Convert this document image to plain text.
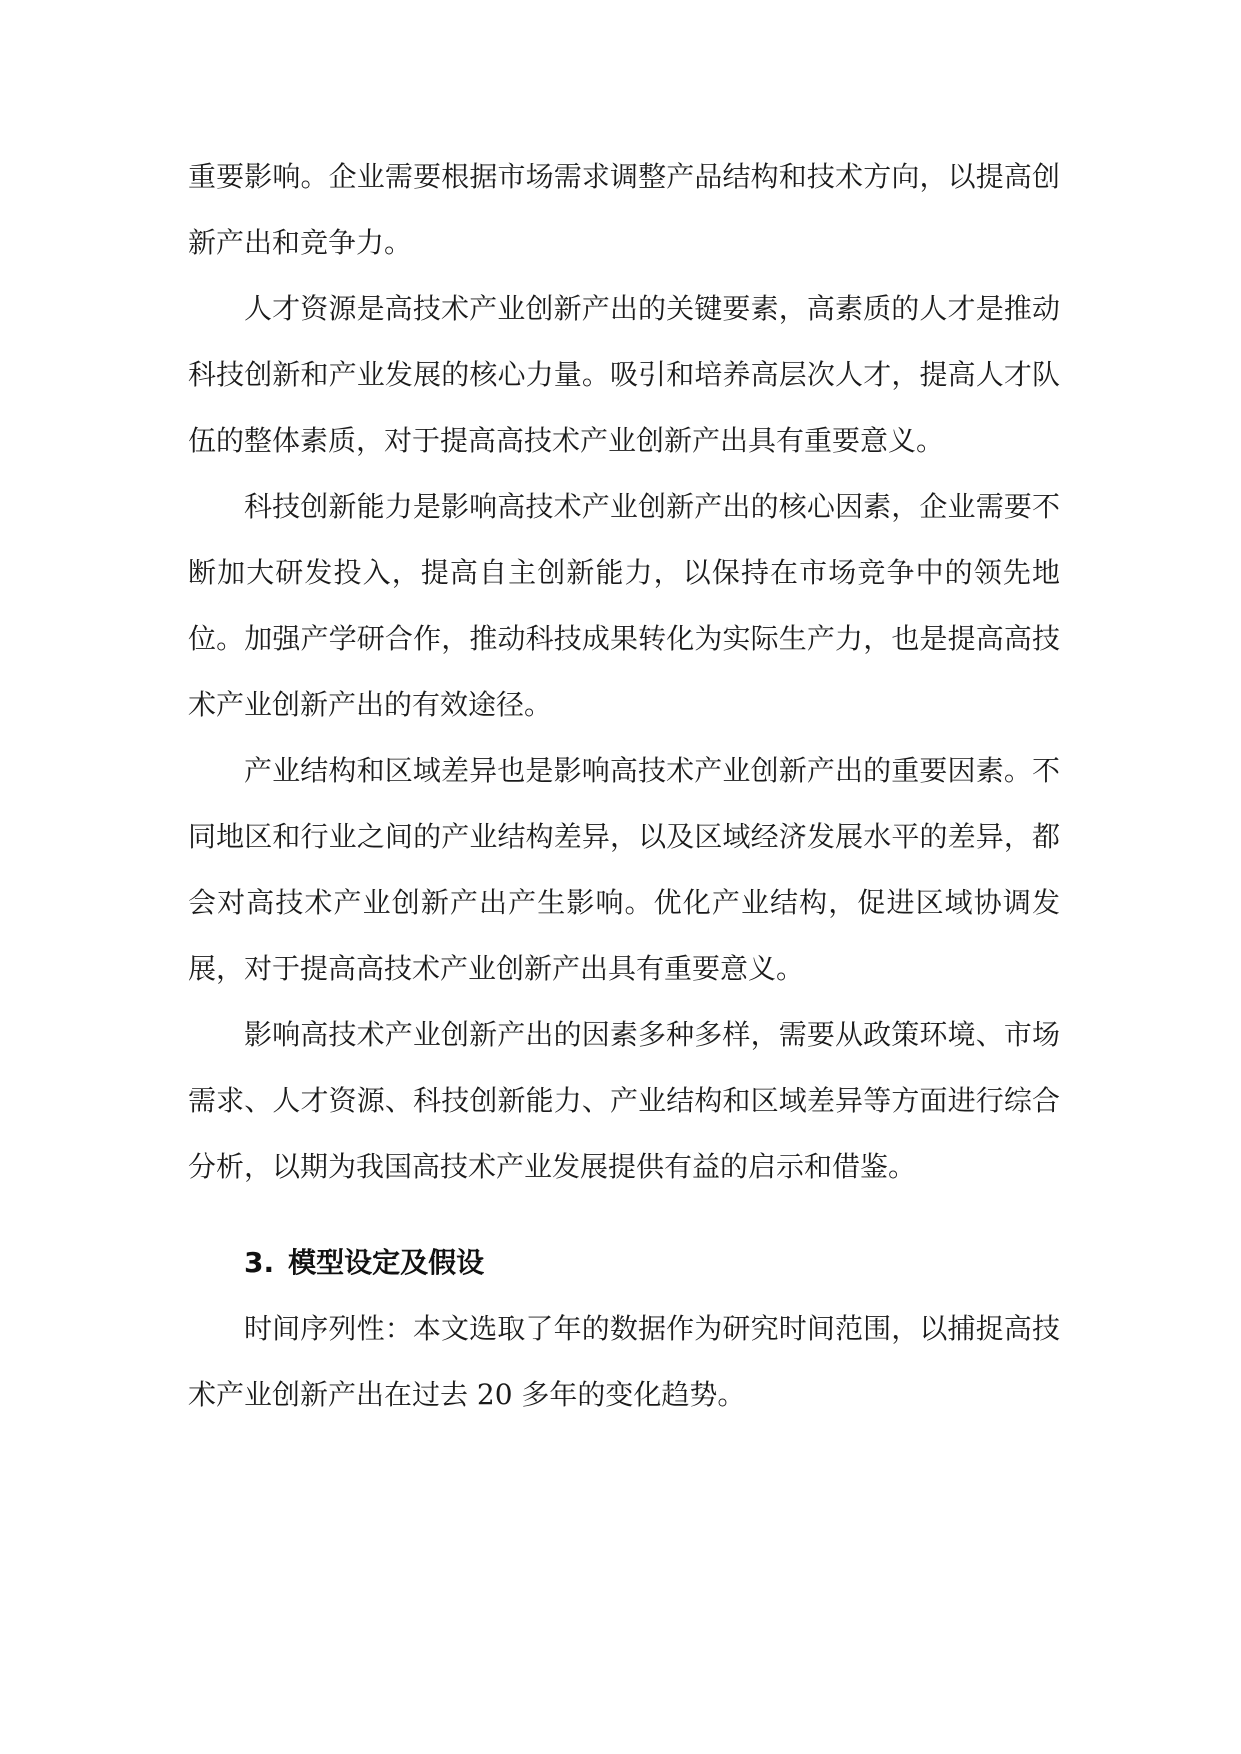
重要影响。企业需要根据市场需求调整产品结构和技术方向，以提高创新产出和竞争力。

人才资源是高技术产业创新产出的关键要素，高素质的人才是推动科技创新和产业发展的核心力量。吸引和培养高层次人才，提高人才队伍的整体素质，对于提高高技术产业创新产出具有重要意义。

科技创新能力是影响高技术产业创新产出的核心因素，企业需要不断加大研发投入，提高自主创新能力，以保持在市场竞争中的领先地位。加强产学研合作，推动科技成果转化为实际生产力，也是提高高技术产业创新产出的有效途径。

产业结构和区域差异也是影响高技术产业创新产出的重要因素。不同地区和行业之间的产业结构差异，以及区域经济发展水平的差异，都会对高技术产业创新产出产生影响。优化产业结构，促进区域协调发展，对于提高高技术产业创新产出具有重要意义。

影响高技术产业创新产出的因素多种多样，需要从政策环境、市场需求、人才资源、科技创新能力、产业结构和区域差异等方面进行综合分析，以期为我国高技术产业发展提供有益的启示和借鉴。

3. 模型设定及假设

时间序列性：本文选取了年的数据作为研究时间范围，以捕捉高技术产业创新产出在过去 20 多年的变化趋势。
